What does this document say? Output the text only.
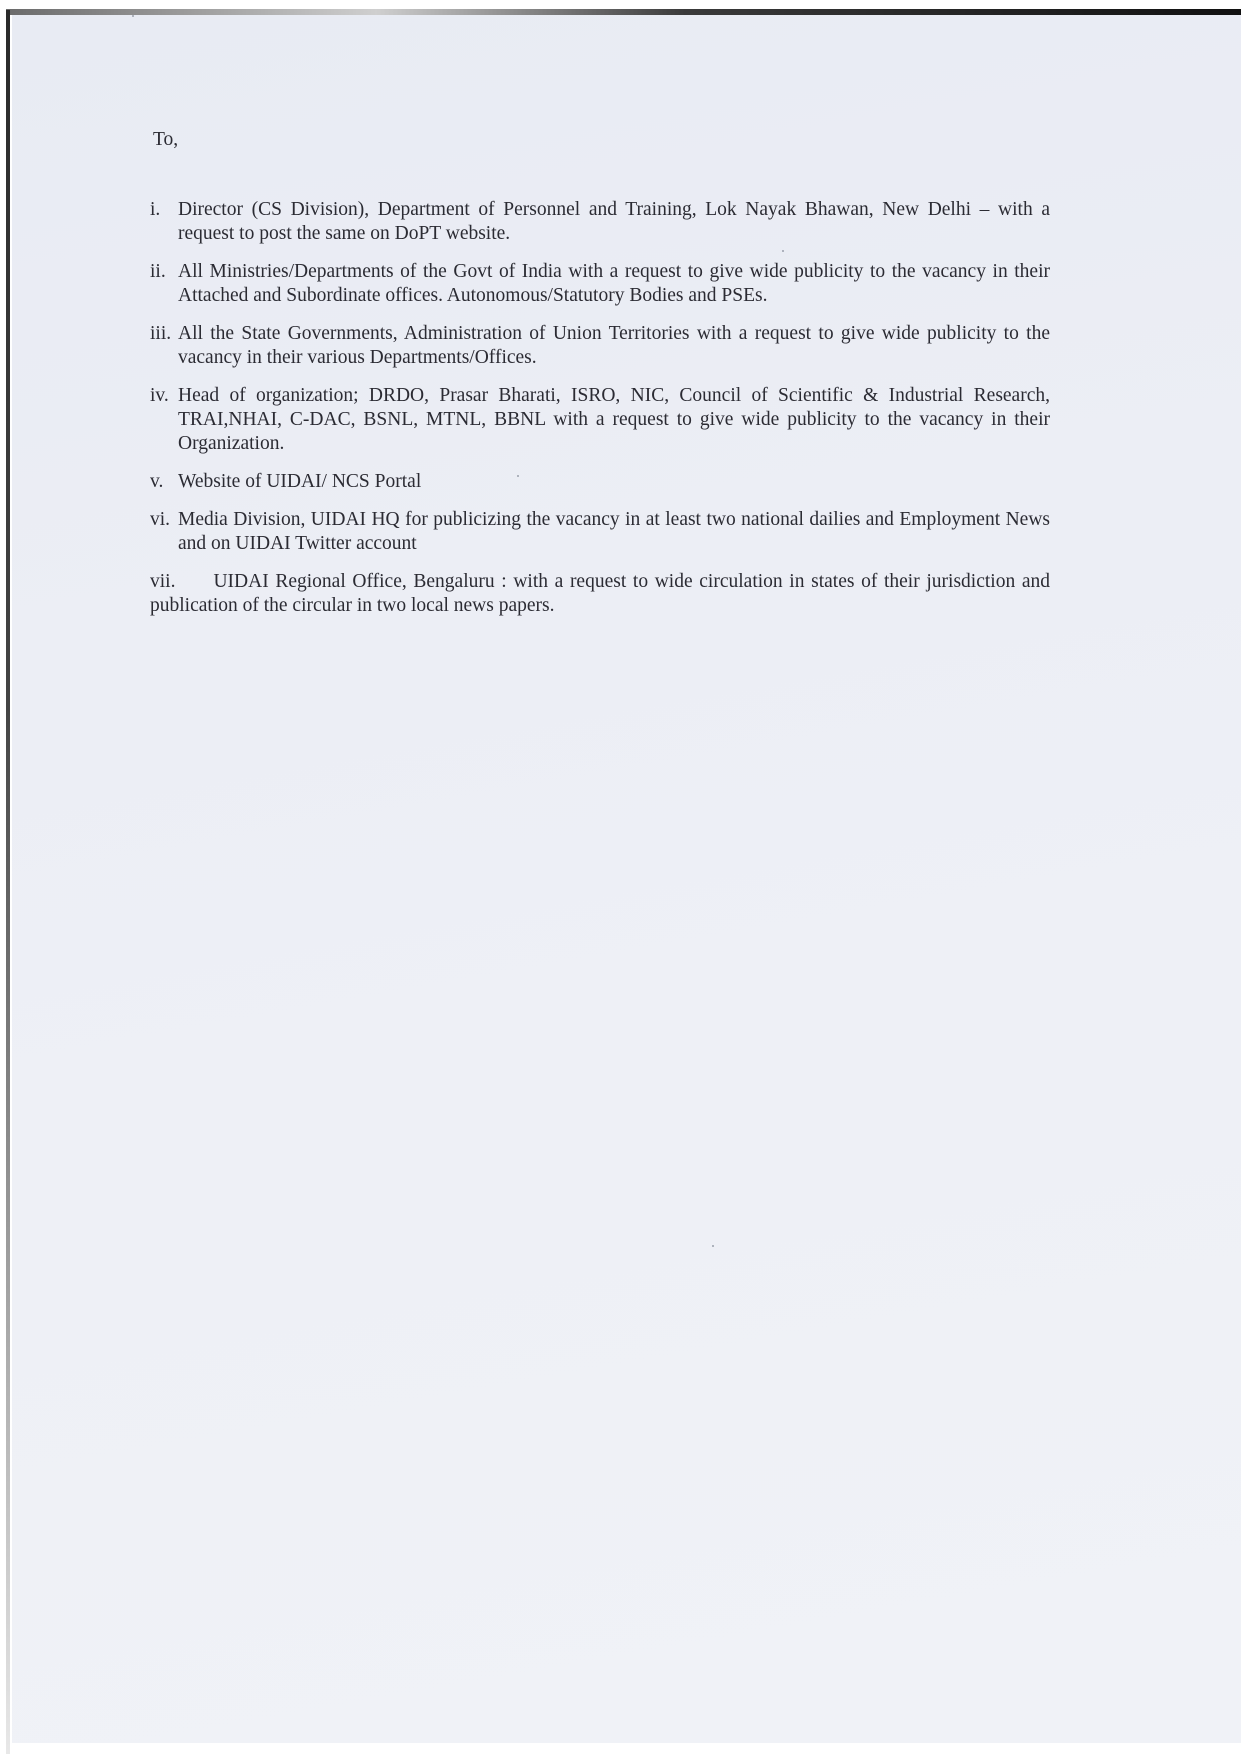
To,

i. Director (CS Division), Department of Personnel and Training, Lok Nayak Bhawan, New Delhi – with a request to post the same on DoPT website.

ii. All Ministries/Departments of the Govt of India with a request to give wide publicity to the vacancy in their Attached and Subordinate offices. Autonomous/Statutory Bodies and PSEs.

iii. All the State Governments, Administration of Union Territories with a request to give wide publicity to the vacancy in their various Departments/Offices.

iv. Head of organization; DRDO, Prasar Bharati, ISRO, NIC, Council of Scientific & Industrial Research, TRAI,NHAI, C-DAC, BSNL, MTNL, BBNL with a request to give wide publicity to the vacancy in their Organization.

v. Website of UIDAI/ NCS Portal

vi. Media Division, UIDAI HQ for publicizing the vacancy in at least two national dailies and Employment News and on UIDAI Twitter account

vii. UIDAI Regional Office, Bengaluru : with a request to wide circulation in states of their jurisdiction and publication of the circular in two local news papers.
